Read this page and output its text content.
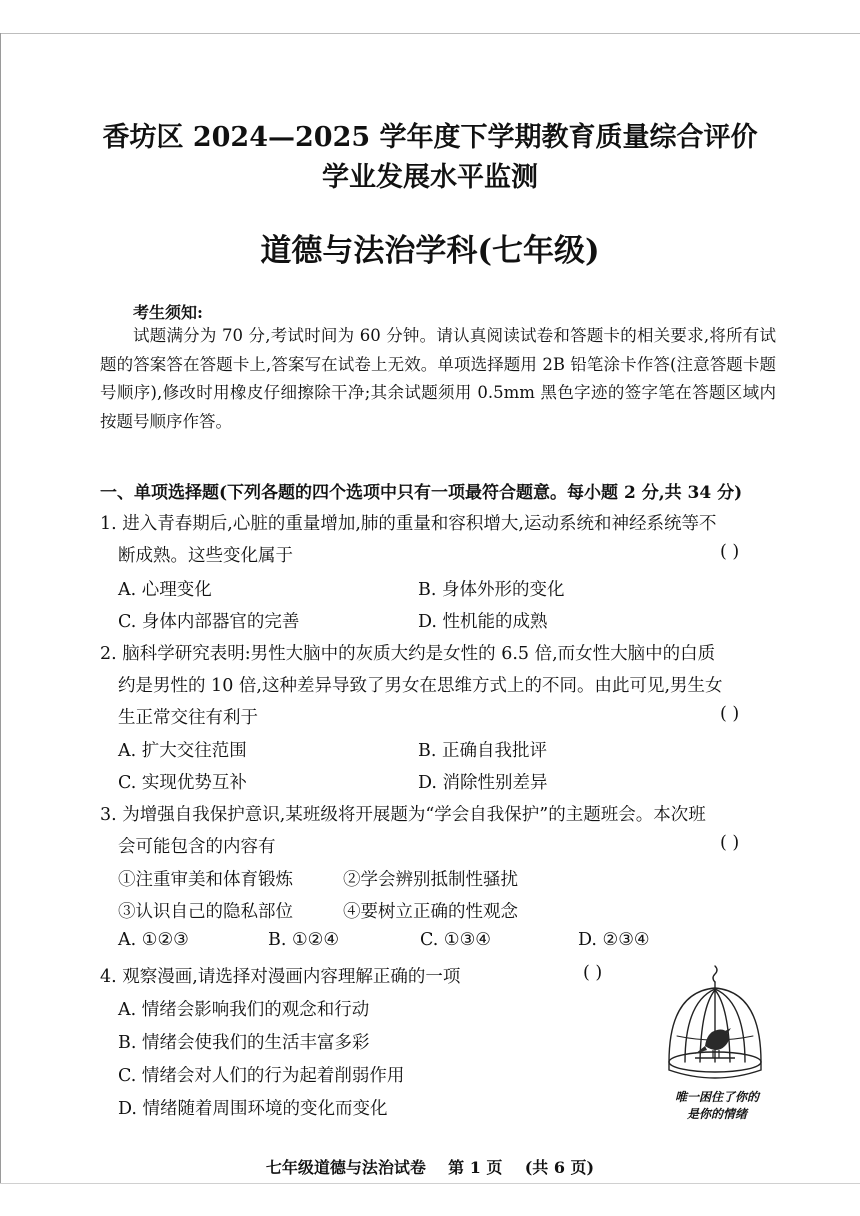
香坊区 2024—2025 学年度下学期教育质量综合评价
学业发展水平监测
道德与法治学科(七年级)
考生须知:
试题满分为 70 分,考试时间为 60 分钟。请认真阅读试卷和答题卡的相关要求,将所有试题的答案答在答题卡上,答案写在试卷上无效。单项选择题用 2B 铅笔涂卡作答(注意答题卡题号顺序),修改时用橡皮仔细擦除干净;其余试题须用 0.5mm 黑色字迹的签字笔在答题区域内按题号顺序作答。
一、单项选择题(下列各题的四个选项中只有一项最符合题意。每小题 2 分,共 34 分)
1. 进入青春期后,心脏的重量增加,肺的重量和容积增大,运动系统和神经系统等不
断成熟。这些变化属于	( )
A. 心理变化	B. 身体外形的变化
C. 身体内部器官的完善	D. 性机能的成熟
2. 脑科学研究表明:男性大脑中的灰质大约是女性的 6.5 倍,而女性大脑中的白质
约是男性的 10 倍,这种差异导致了男女在思维方式上的不同。由此可见,男生女
生正常交往有利于	( )
A. 扩大交往范围	B. 正确自我批评
C. 实现优势互补	D. 消除性别差异
3. 为增强自我保护意识,某班级将开展题为“学会自我保护”的主题班会。本次班
会可能包含的内容有	( )
①注重审美和体育锻炼	②学会辨别抵制性骚扰
③认识自己的隐私部位	④要树立正确的性观念
A. ①②③	B. ①②④	C. ①③④	D. ②③④
4. 观察漫画,请选择对漫画内容理解正确的一项	( )
A. 情绪会影响我们的观念和行动
B. 情绪会使我们的生活丰富多彩
C. 情绪会对人们的行为起着削弱作用
D. 情绪随着周围环境的变化而变化
唯一困住了你的
是你的情绪
七年级道德与法治试卷    第 1 页    (共 6 页)
